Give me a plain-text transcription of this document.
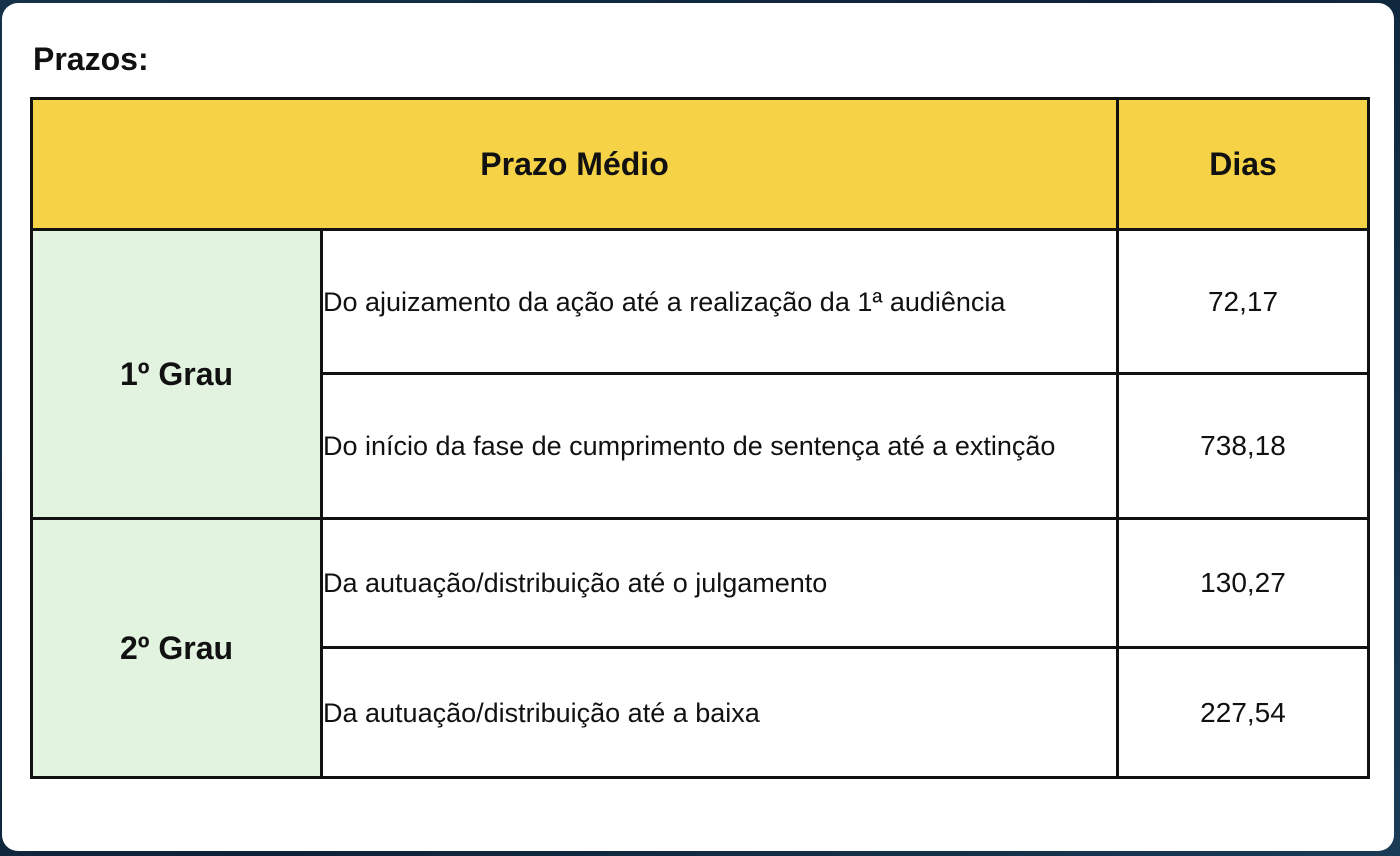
Prazos:
Prazo Médio		Dias
1º Grau	Do ajuizamento da ação até a realização da 1ª audiência	72,17
	Do início da fase de cumprimento de sentença até a extinção	738,18
2º Grau	Da autuação/distribuição até o julgamento	130,27
	Da autuação/distribuição até a baixa	227,54
